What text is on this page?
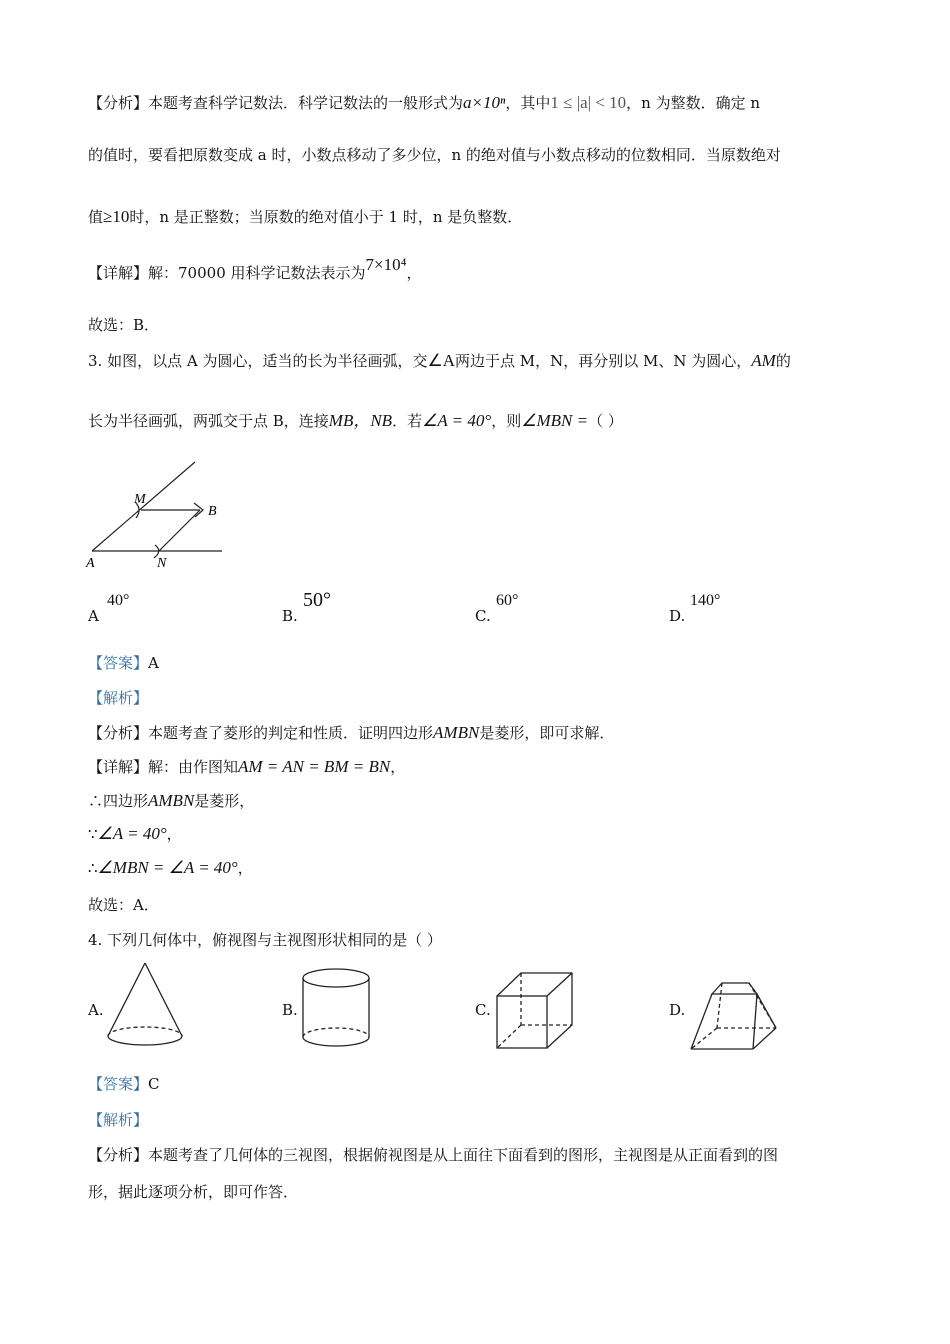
【分析】本题考查科学记数法．科学记数法的一般形式为a×10ⁿ，其中1 ≤ |a| < 10，n 为整数．确定 n
的值时，要看把原数变成 a 时，小数点移动了多少位，n 的绝对值与小数点移动的位数相同．当原数绝对
值≥10时，n 是正整数；当原数的绝对值小于 1 时，n 是负整数．
【详解】解：70000 用科学记数法表示为7×10⁴，
故选：B．
3. 如图，以点 A 为圆心，适当的长为半径画弧，交∠A两边于点 M，N，再分别以 M、N 为圆心，AM的
长为半径画弧，两弧交于点 B，连接MB，NB．若∠A = 40°，则∠MBN =（ ）
M
B
A	N
A
40°
B.
50°
C.
60°
D.
140°
【答案】A
【解析】
【分析】本题考查了菱形的判定和性质．证明四边形AMBN是菱形，即可求解．
【详解】解：由作图知AM = AN = BM = BN，
∴四边形AMBN是菱形，
∵∠A = 40°，
∴∠MBN = ∠A = 40°，
故选：A．
4. 下列几何体中，俯视图与主视图形状相同的是（ ）
A.	B.	C.	D.
【答案】C
【解析】
【分析】本题考查了几何体的三视图，根据俯视图是从上面往下面看到的图形，主视图是从正面看到的图
形，据此逐项分析，即可作答．
